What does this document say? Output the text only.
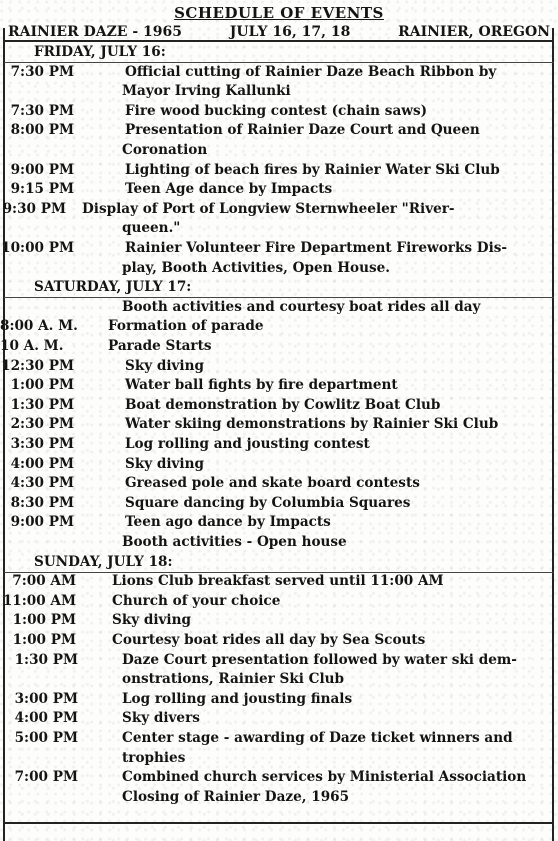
SCHEDULE OF EVENTS
RAINIER DAZE - 1965	JULY 16, 17, 18	RAINIER, OREGON
FRIDAY, JULY 16:
7:30 PM	Official cutting of Rainier Daze Beach Ribbon by
Mayor Irving Kallunki
7:30 PM	Fire wood bucking contest (chain saws)
8:00 PM	Presentation of Rainier Daze Court and Queen
Coronation
9:00 PM	Lighting of beach fires by Rainier Water Ski Club
9:15 PM	Teen Age dance by Impacts
9:30 PM Display of Port of Longview Sternwheeler "River-
queen."
10:00 PM	Rainier Volunteer Fire Department Fireworks Dis-
play, Booth Activities, Open House.
SATURDAY, JULY 17:
Booth activities and courtesy boat rides all day
8:00 A. M. Formation of parade
10 A. M.	Parade Starts
12:30 PM	Sky diving
1:00 PM	Water ball fights by fire department
1:30 PM	Boat demonstration by Cowlitz Boat Club
2:30 PM	Water skiing demonstrations by Rainier Ski Club
3:30 PM	Log rolling and jousting contest
4:00 PM	Sky diving
4:30 PM	Greased pole and skate board contests
8:30 PM	Square dancing by Columbia Squares
9:00 PM	Teen ago dance by Impacts
Booth activities - Open house
SUNDAY, JULY 18:
7:00 AM	Lions Club breakfast served until 11:00 AM
11:00 AM	Church of your choice
1:00 PM	Sky diving
1:00 PM	Courtesy boat rides all day by Sea Scouts
1:30 PM	Daze Court presentation followed by water ski dem-
onstrations, Rainier Ski Club
3:00 PM	Log rolling and jousting finals
4:00 PM	Sky divers
5:00 PM	Center stage - awarding of Daze ticket winners and
trophies
7:00 PM	Combined church services by Ministerial Association
Closing of Rainier Daze, 1965
